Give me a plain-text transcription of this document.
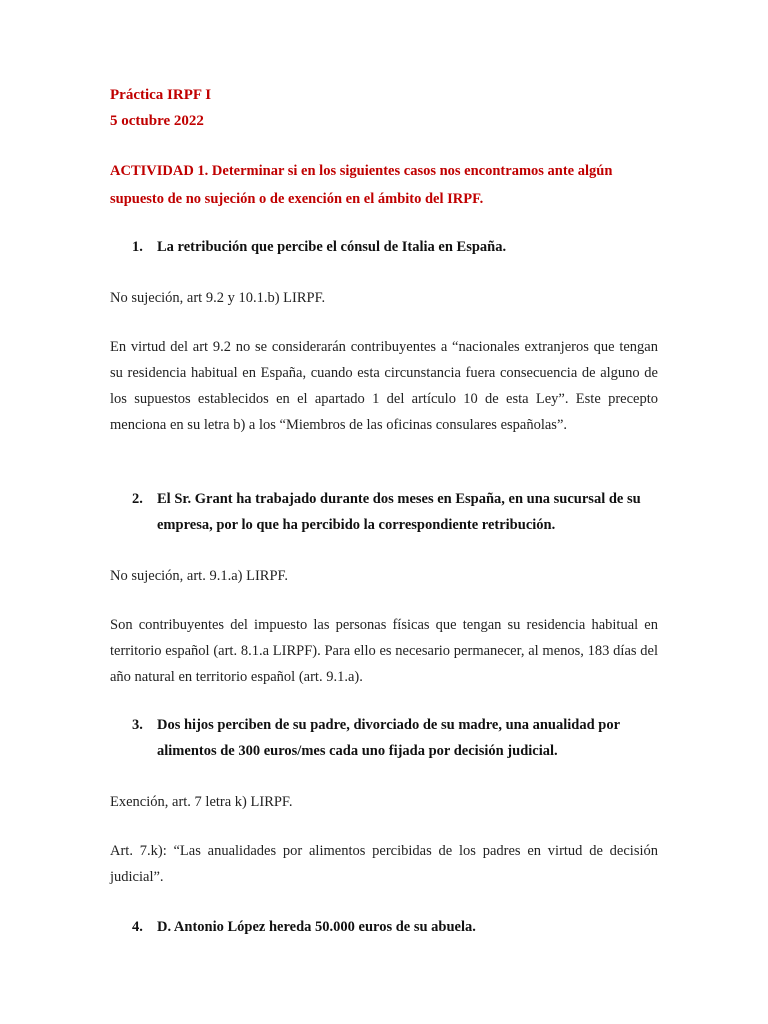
Práctica IRPF I

5 octubre 2022

ACTIVIDAD 1. Determinar si en los siguientes casos nos encontramos ante algún supuesto de no sujeción o de exención en el ámbito del IRPF.

1. La retribución que percibe el cónsul de Italia en España.

No sujeción, art 9.2 y 10.1.b) LIRPF.

En virtud del art 9.2 no se considerarán contribuyentes a “nacionales extranjeros que tengan su residencia habitual en España, cuando esta circunstancia fuera consecuencia de alguno de los supuestos establecidos en el apartado 1 del artículo 10 de esta Ley”. Este precepto menciona en su letra b) a los “Miembros de las oficinas consulares españolas”.

2. El Sr. Grant ha trabajado durante dos meses en España, en una sucursal de su empresa, por lo que ha percibido la correspondiente retribución.

No sujeción, art. 9.1.a) LIRPF.

Son contribuyentes del impuesto las personas físicas que tengan su residencia habitual en territorio español (art. 8.1.a LIRPF). Para ello es necesario permanecer, al menos, 183 días del año natural en territorio español (art. 9.1.a).

3. Dos hijos perciben de su padre, divorciado de su madre, una anualidad por alimentos de 300 euros/mes cada uno fijada por decisión judicial.

Exención, art. 7 letra k) LIRPF.

Art. 7.k): “Las anualidades por alimentos percibidas de los padres en virtud de decisión judicial”.

4. D. Antonio López hereda 50.000 euros de su abuela.
